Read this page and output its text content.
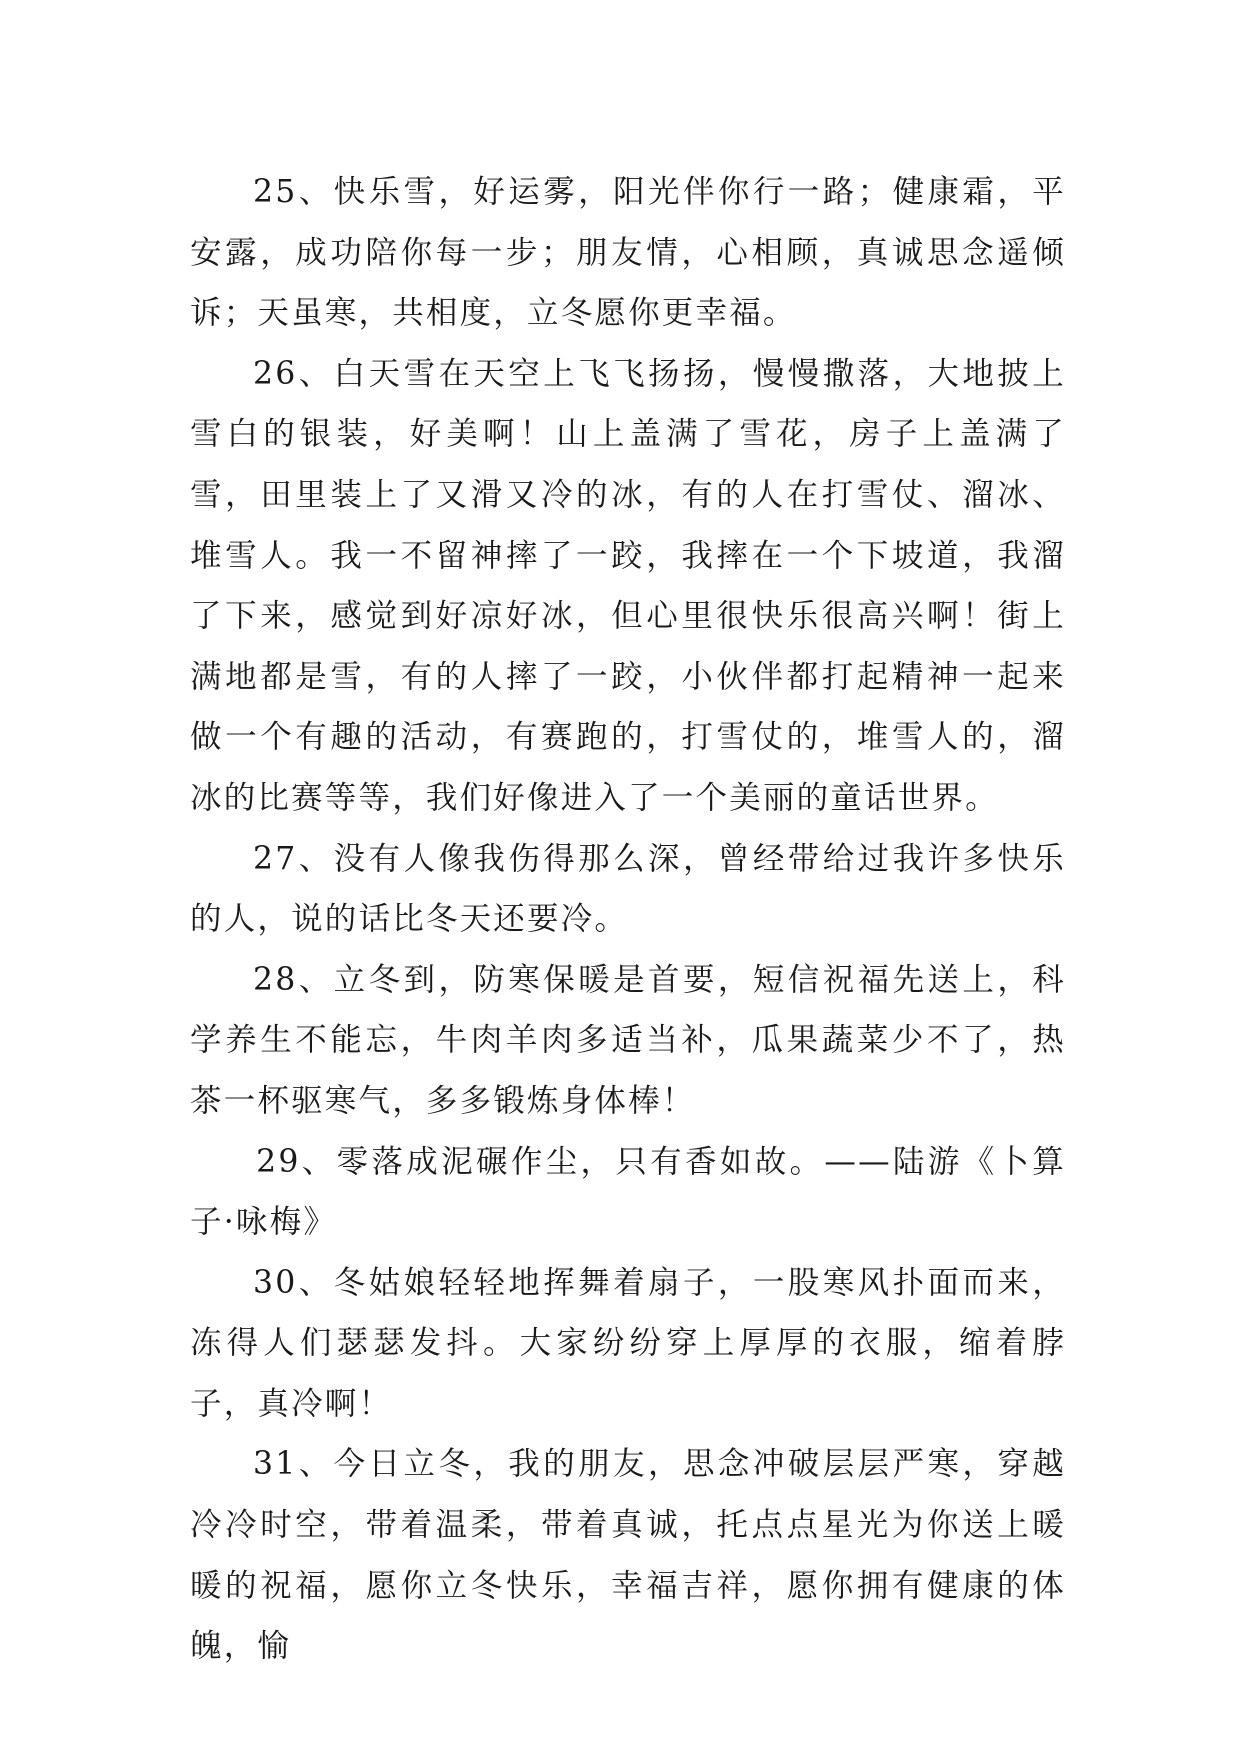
25、快乐雪，好运雾，阳光伴你行一路；健康霜，平安露，成功陪你每一步；朋友情，心相顾，真诚思念遥倾诉；天虽寒，共相度，立冬愿你更幸福。

26、白天雪在天空上飞飞扬扬，慢慢撒落，大地披上雪白的银装，好美啊！山上盖满了雪花，房子上盖满了雪，田里装上了又滑又冷的冰，有的人在打雪仗、溜冰、堆雪人。我一不留神摔了一跤，我摔在一个下坡道，我溜了下来，感觉到好凉好冰，但心里很快乐很高兴啊！街上满地都是雪，有的人摔了一跤，小伙伴都打起精神一起来做一个有趣的活动，有赛跑的，打雪仗的，堆雪人的，溜冰的比赛等等，我们好像进入了一个美丽的童话世界。

27、没有人像我伤得那么深，曾经带给过我许多快乐的人，说的话比冬天还要冷。

28、立冬到，防寒保暖是首要，短信祝福先送上，科学养生不能忘，牛肉羊肉多适当补，瓜果蔬菜少不了，热茶一杯驱寒气，多多锻炼身体棒！

29、零落成泥碾作尘，只有香如故。——陆游《卜算子·咏梅》

30、冬姑娘轻轻地挥舞着扇子，一股寒风扑面而来，冻得人们瑟瑟发抖。大家纷纷穿上厚厚的衣服，缩着脖子，真冷啊！

31、今日立冬，我的朋友，思念冲破层层严寒，穿越冷冷时空，带着温柔，带着真诚，托点点星光为你送上暖暖的祝福，愿你立冬快乐，幸福吉祥，愿你拥有健康的体魄，愉
